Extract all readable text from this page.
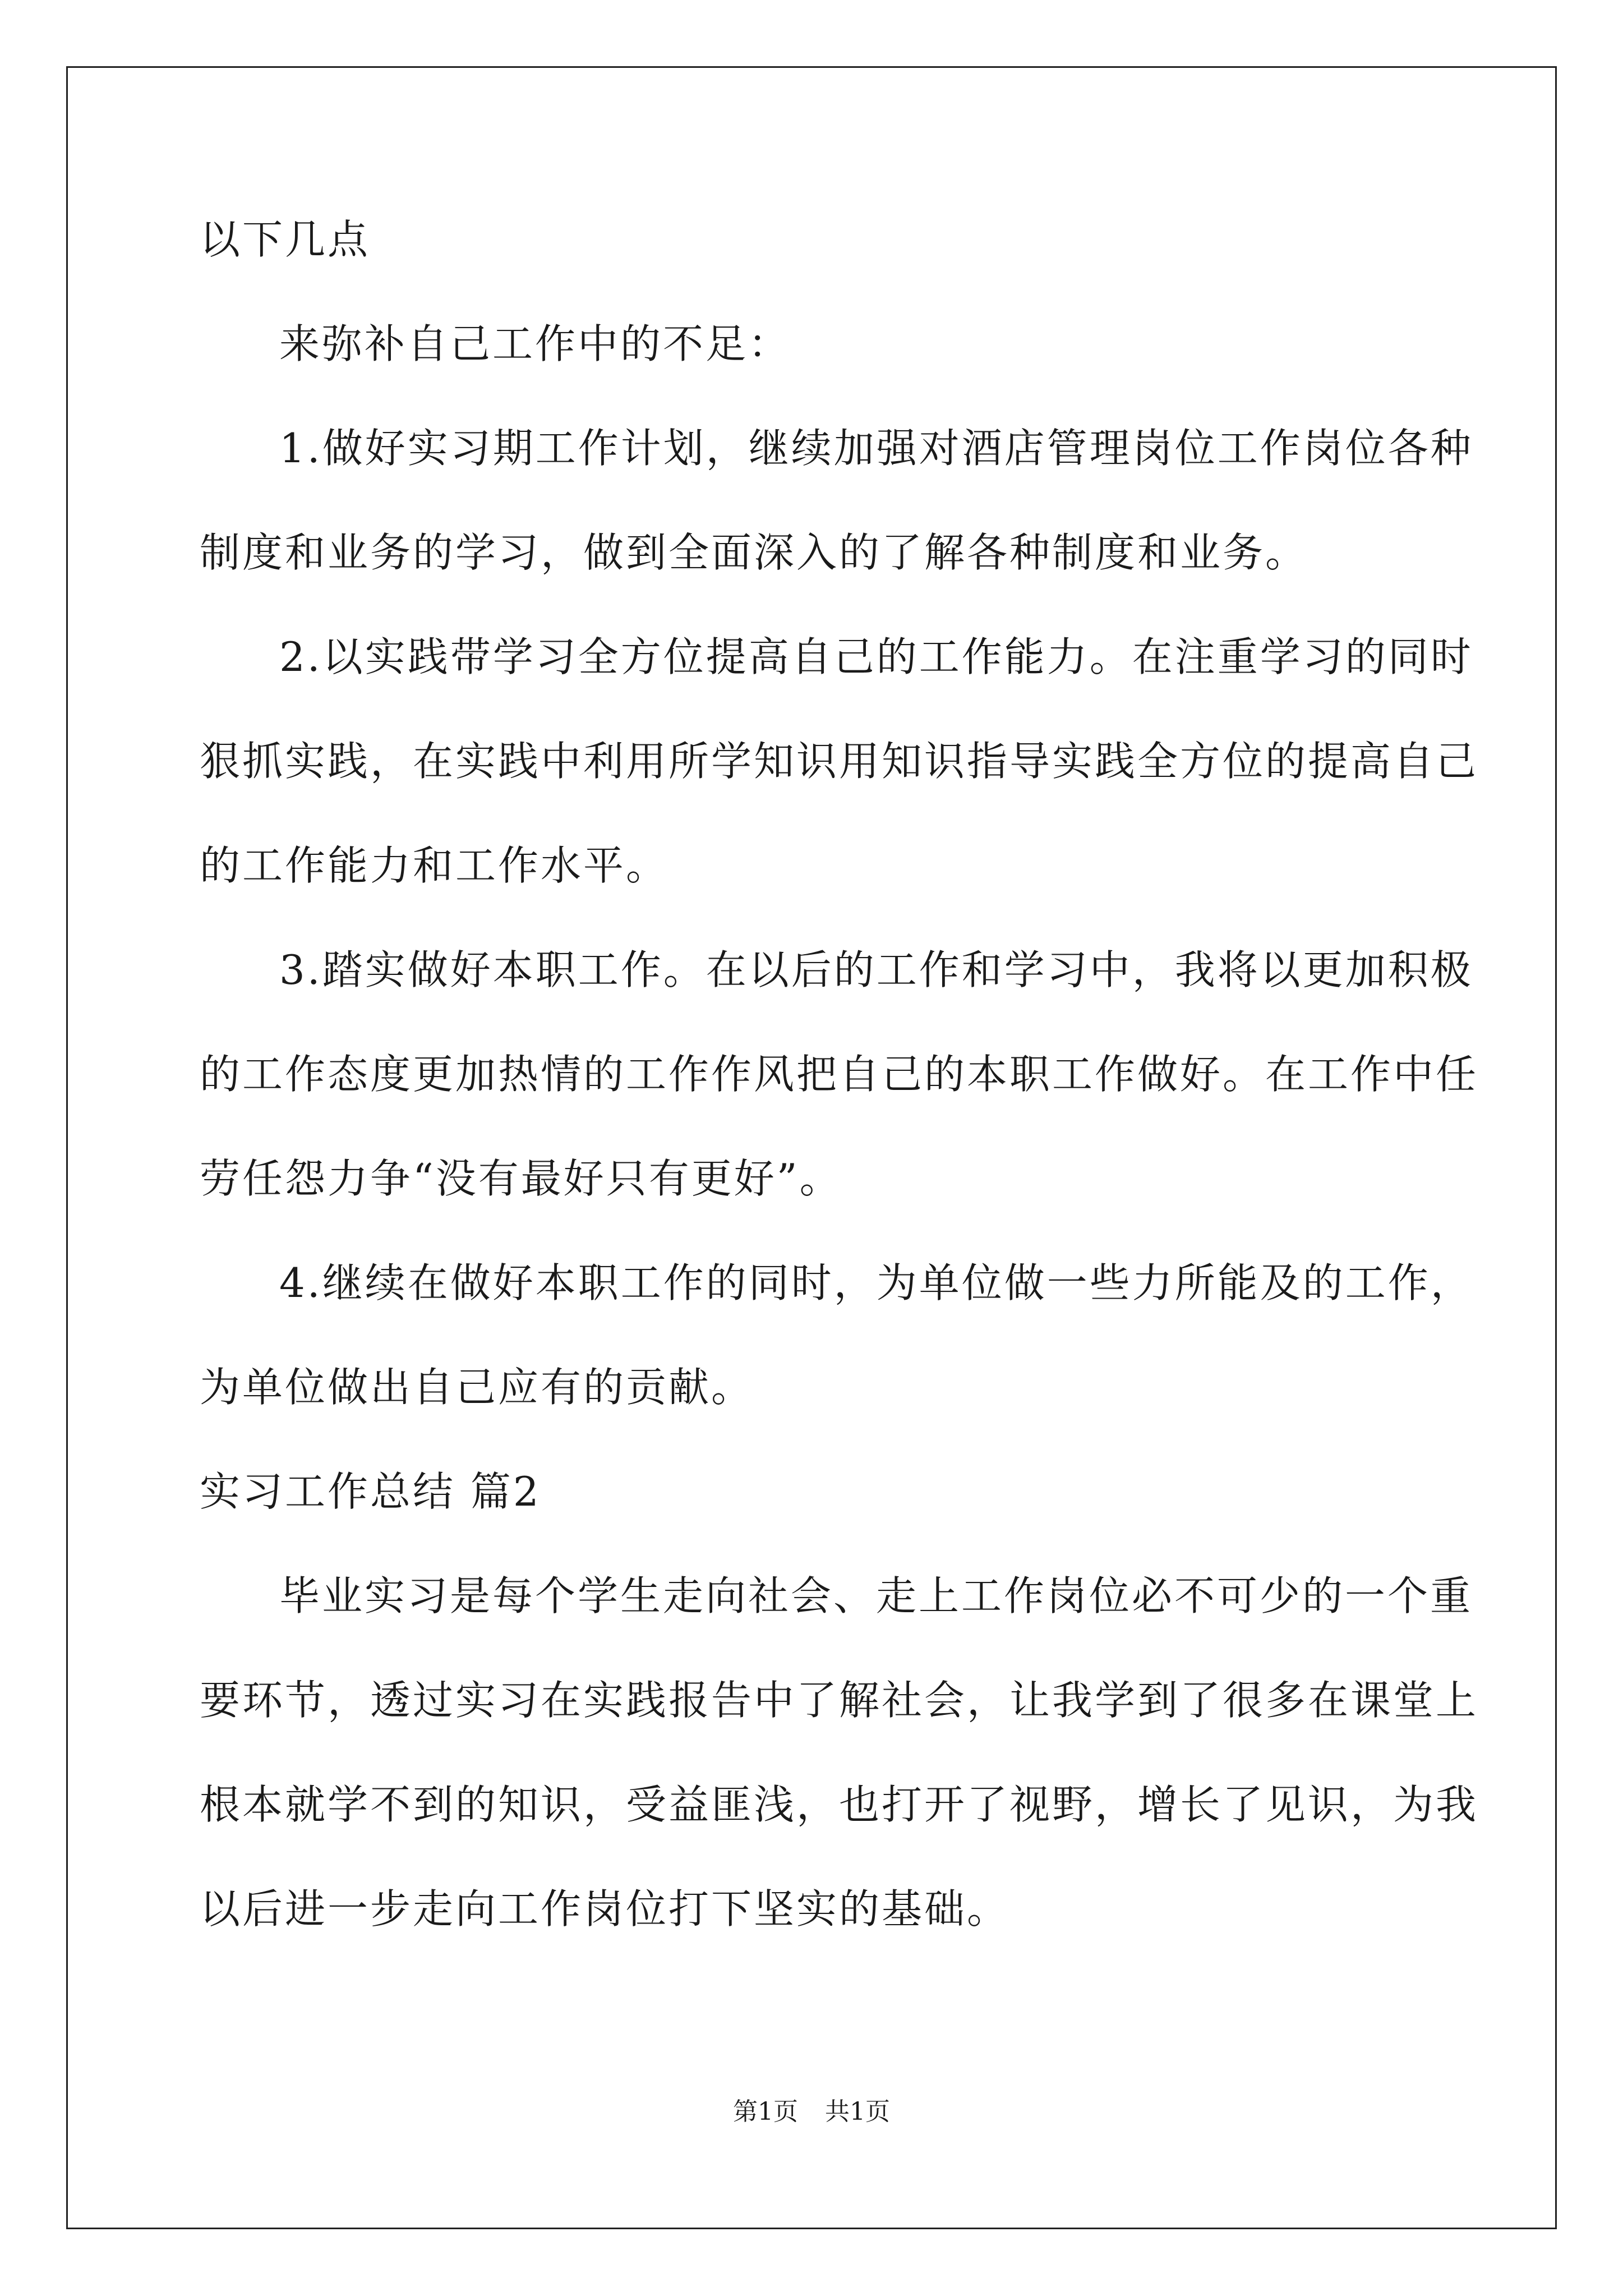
以下几点
来弥补自己工作中的不足：
1.做好实习期工作计划，继续加强对酒店管理岗位工作岗位各种
制度和业务的学习，做到全面深入的了解各种制度和业务。
2.以实践带学习全方位提高自己的工作能力。在注重学习的同时
狠抓实践，在实践中利用所学知识用知识指导实践全方位的提高自己
的工作能力和工作水平。
3.踏实做好本职工作。在以后的工作和学习中，我将以更加积极
的工作态度更加热情的工作作风把自己的本职工作做好。在工作中任
劳任怨力争“没有最好只有更好”。
4.继续在做好本职工作的同时，为单位做一些力所能及的工作，
为单位做出自己应有的贡献。
实习工作总结 篇2
毕业实习是每个学生走向社会、走上工作岗位必不可少的一个重
要环节，透过实习在实践报告中了解社会，让我学到了很多在课堂上
根本就学不到的知识，受益匪浅，也打开了视野，增长了见识，为我
以后进一步走向工作岗位打下坚实的基础。
第1页 共1页
